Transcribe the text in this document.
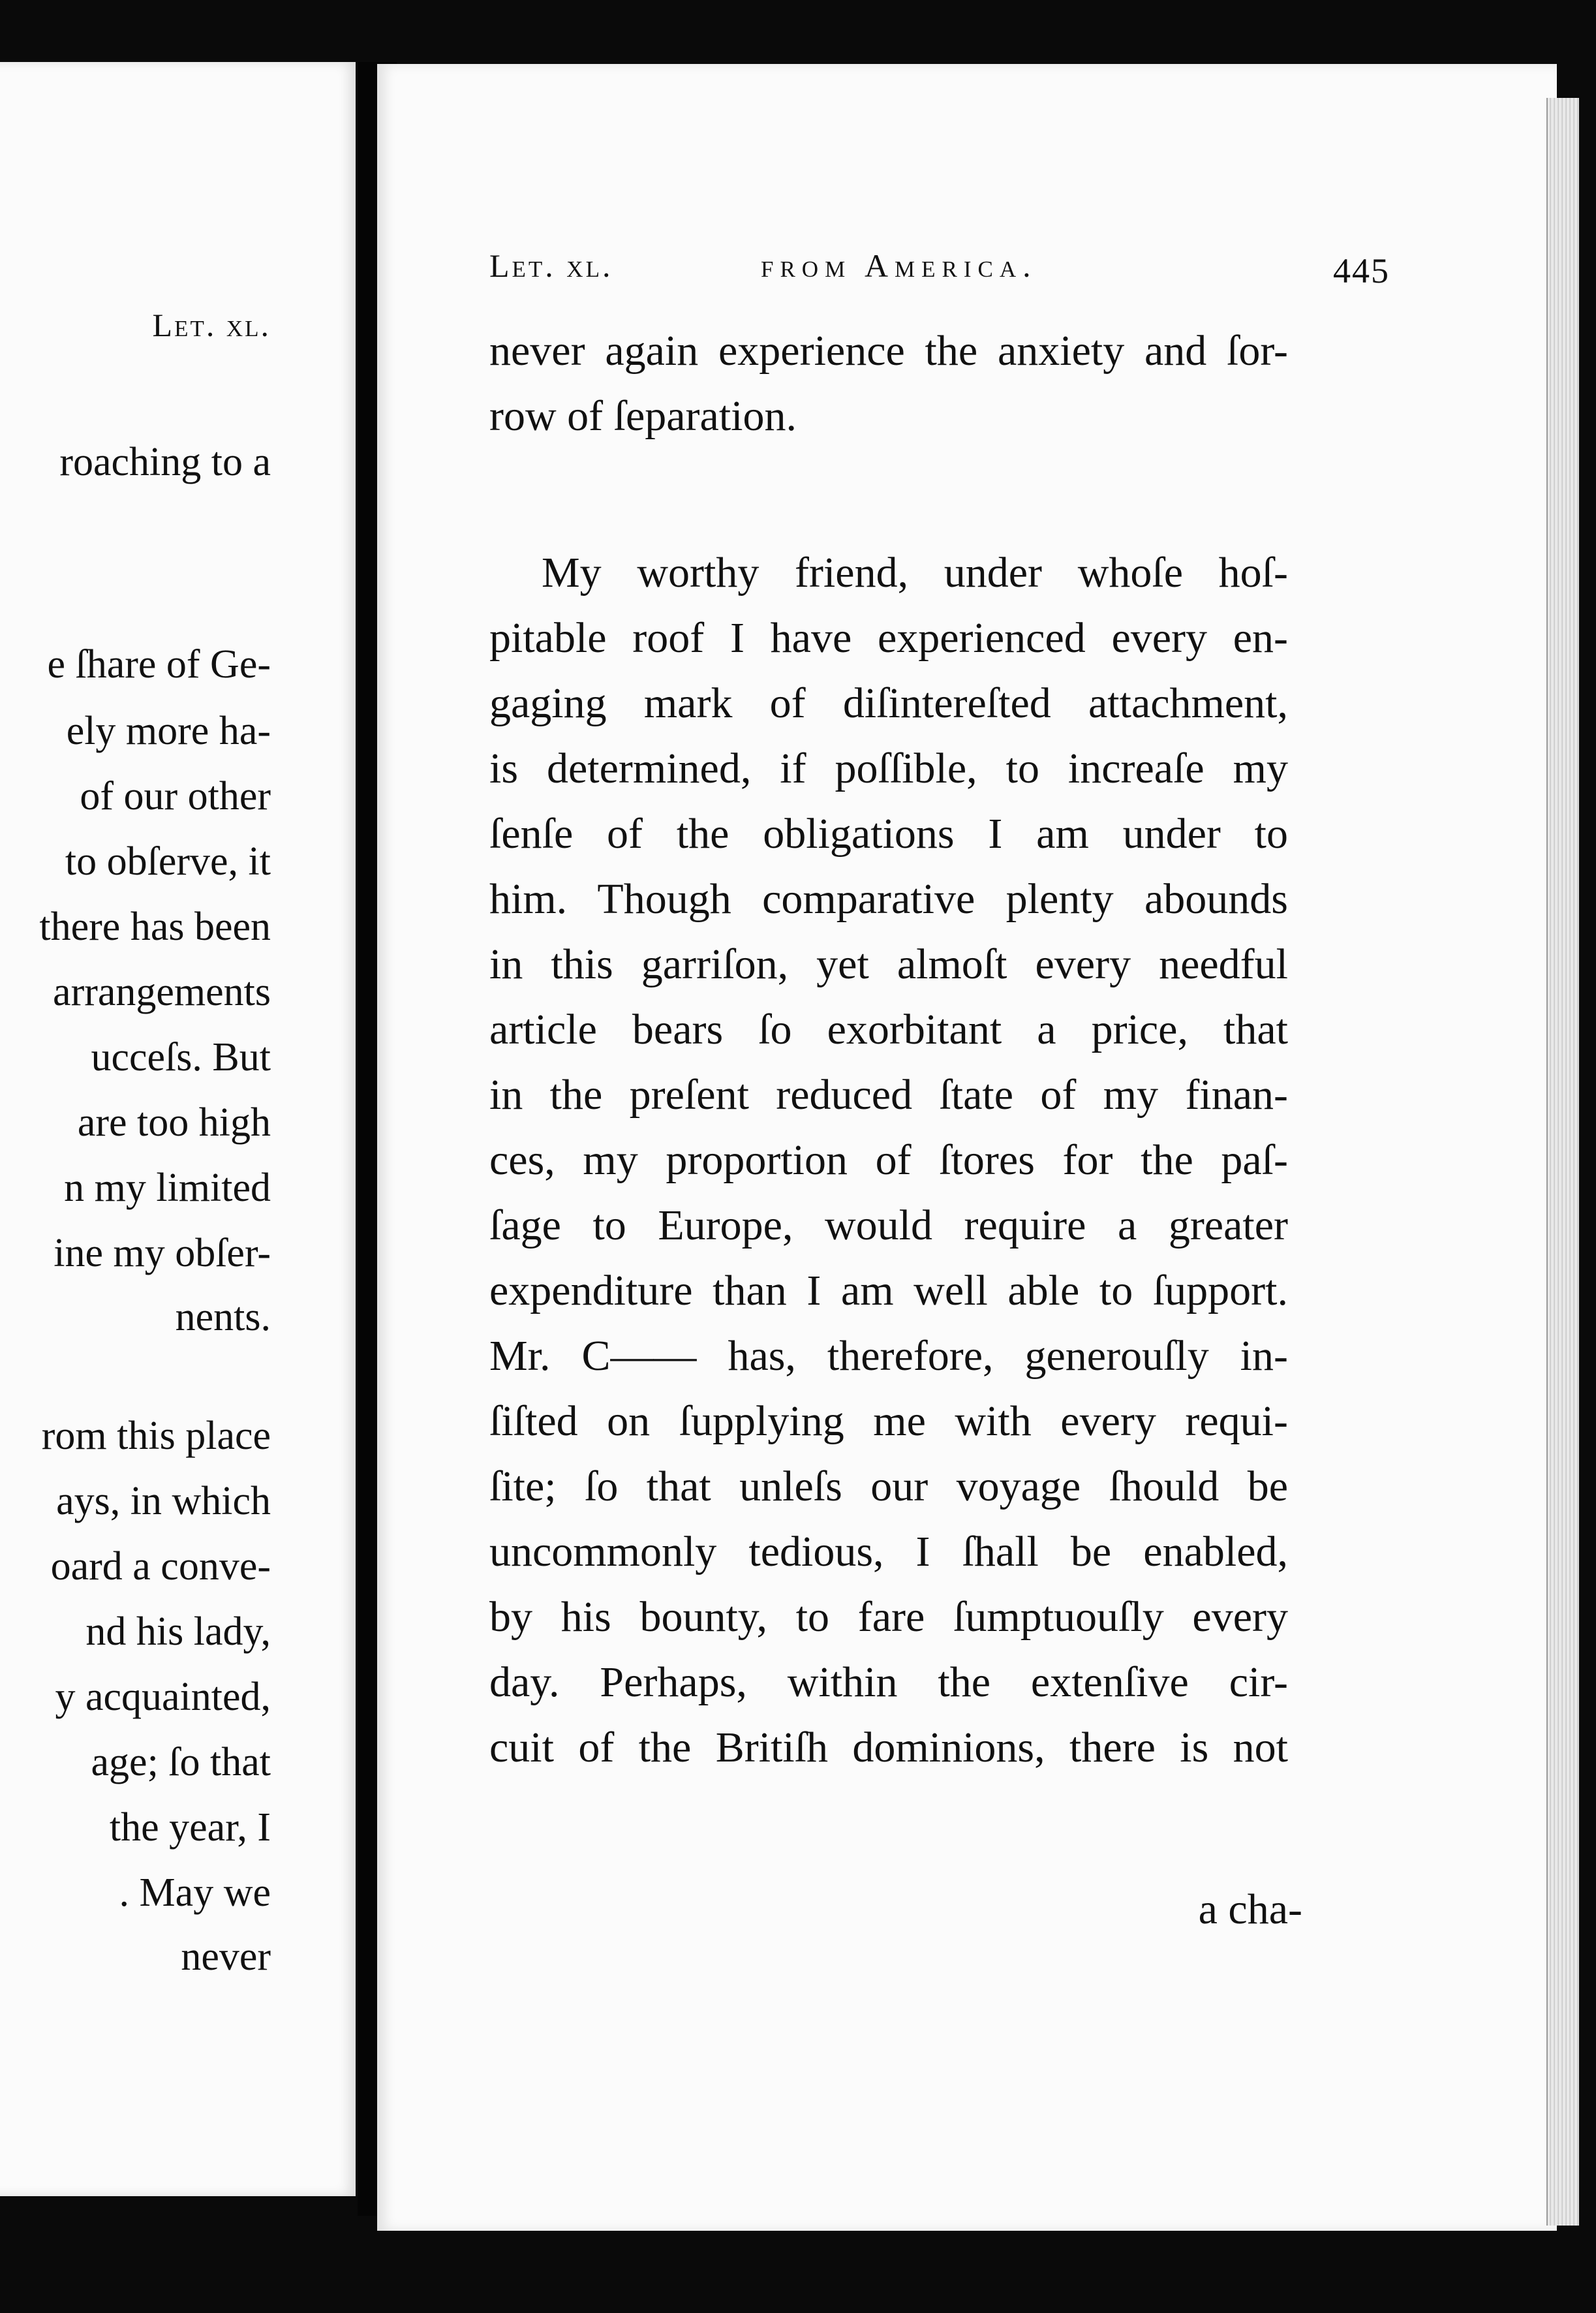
Let. xl.
roaching to a
e ſhare of Ge-
ely more ha-
of our other
to obſerve, it
there has been
arrangements
ucceſs. But
are too high
n my limited
ine my obſer-
nents.
rom this place
ays, in which
oard a conve-
nd his lady,
y acquainted,
age; ſo that
the year, I
. May we
never
Let. xl.	from America.	445
never again experience the anxiety and ſor-
row of ſeparation.
My worthy friend, under whoſe hoſ-
pitable roof I have experienced every en-
gaging mark of diſintereſted attachment,
is determined, if poſſible, to increaſe my
ſenſe of the obligations I am under to
him. Though comparative plenty abounds
in this garriſon, yet almoſt every needful
article bears ſo exorbitant a price, that
in the preſent reduced ſtate of my finan-
ces, my proportion of ſtores for the paſ-
ſage to Europe, would require a greater
expenditure than I am well able to ſupport.
Mr. C—— has, therefore, generouſly in-
ſiſted on ſupplying me with every requi-
ſite; ſo that unleſs our voyage ſhould be
uncommonly tedious, I ſhall be enabled,
by his bounty, to fare ſumptuouſly every
day. Perhaps, within the extenſive cir-
cuit of the Britiſh dominions, there is not
a cha-
